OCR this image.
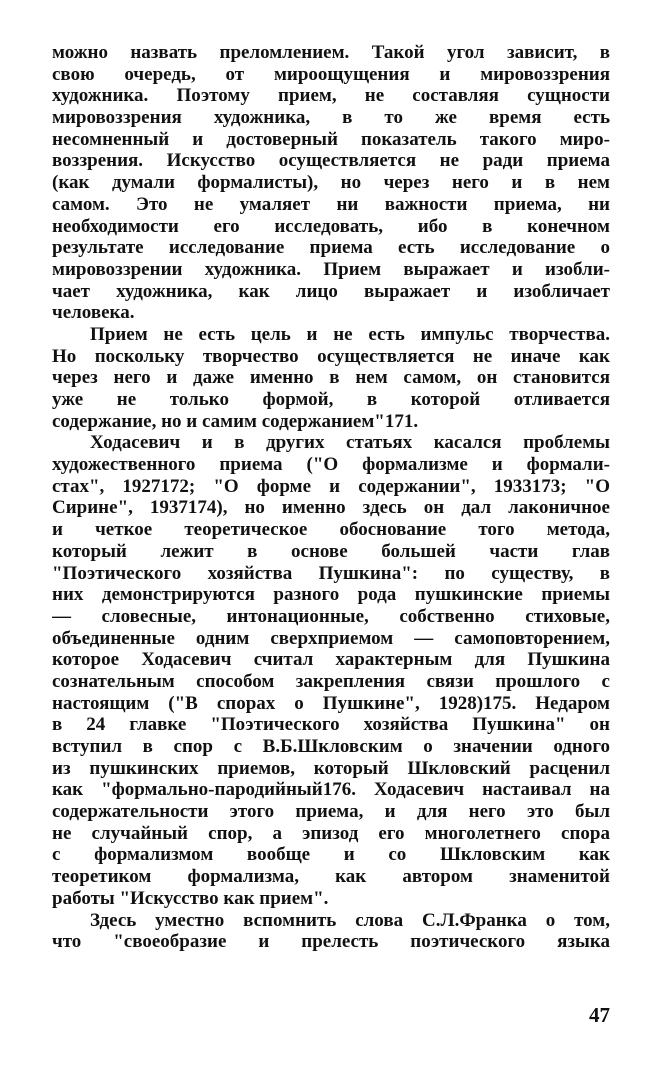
можно назвать преломлением. Такой угол зависит, в
свою очередь, от мироощущения и мировоззрения
художника. Поэтому прием, не составляя сущности
мировоззрения художника, в то же время есть
несомненный и достоверный показатель такого миро-
воззрения. Искусство осуществляется не ради приема
(как думали формалисты), но через него и в нем
самом. Это не умаляет ни важности приема, ни
необходимости его исследовать, ибо в конечном
результате исследование приема есть исследование о
мировоззрении художника. Прием выражает и изобли-
чает художника, как лицо выражает и изобличает
человека.
Прием не есть цель и не есть импульс творчества.
Но поскольку творчество осуществляется не иначе как
через него и даже именно в нем самом, он становится
уже не только формой, в которой отливается
содержание, но и самим содержанием"171.
Ходасевич и в других статьях касался проблемы
художественного приема ("О формализме и формали-
стах", 1927172; "О форме и содержании", 1933173; "О
Сирине", 1937174), но именно здесь он дал лаконичное
и четкое теоретическое обоснование того метода,
который лежит в основе большей части глав
"Поэтического хозяйства Пушкина": по существу, в
них демонстрируются разного рода пушкинские приемы
— словесные, интонационные, собственно стиховые,
объединенные одним сверхприемом — самоповторением,
которое Ходасевич считал характерным для Пушкина
сознательным способом закрепления связи прошлого с
настоящим ("В спорах о Пушкине", 1928)175. Недаром
в 24 главке "Поэтического хозяйства Пушкина" он
вступил в спор с В.Б.Шкловским о значении одного
из пушкинских приемов, который Шкловский расценил
как "формально-пародийный176. Ходасевич настаивал на
содержательности этого приема, и для него это был
не случайный спор, а эпизод его многолетнего спора
с формализмом вообще и со Шкловским как
теоретиком формализма, как автором знаменитой
работы "Искусство как прием".
Здесь уместно вспомнить слова С.Л.Франка о том,
что "своеобразие и прелесть поэтического языка
47
